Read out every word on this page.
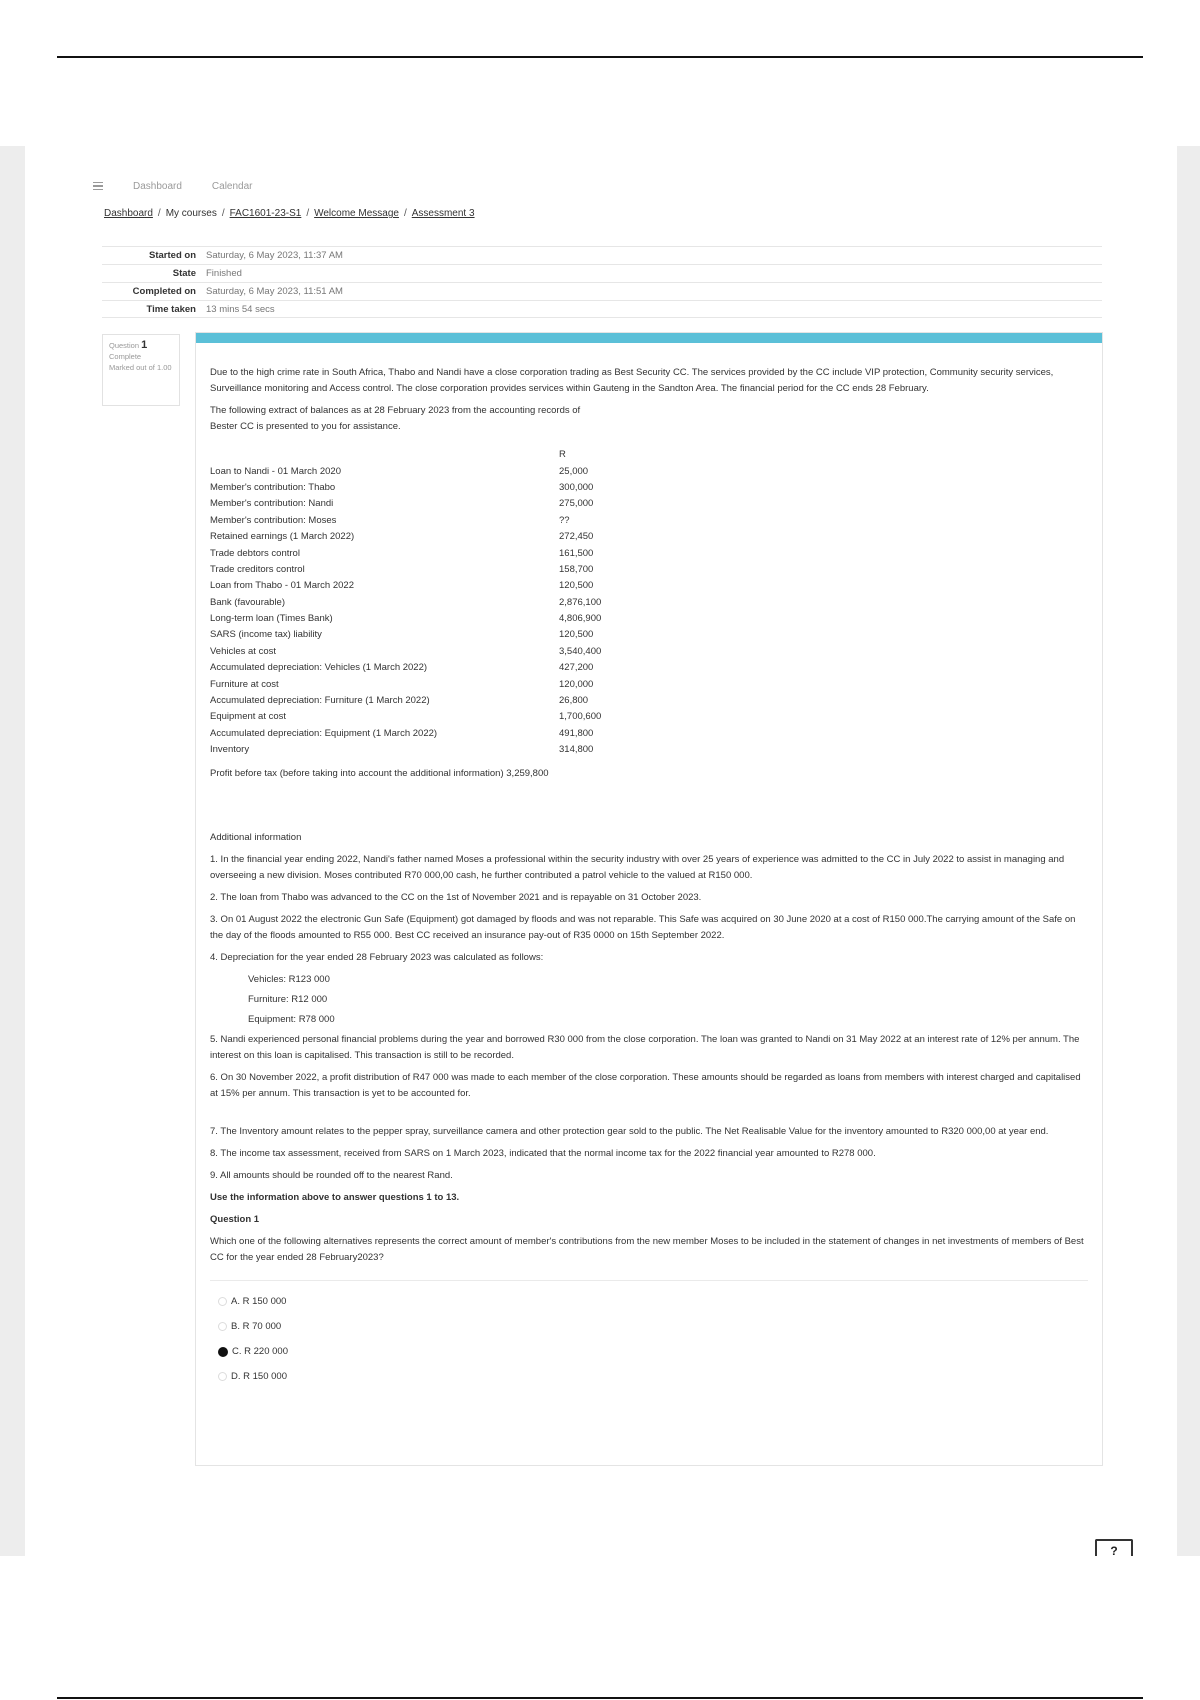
Dashboard	Calendar
Dashboard / My courses / FAC1601-23-S1 / Welcome Message / Assessment 3
Started on	Saturday, 6 May 2023, 11:37 AM
State	Finished
Completed on	Saturday, 6 May 2023, 11:51 AM
Time taken	13 mins 54 secs
Question 1
Complete
Marked out of 1.00	Due to the high crime rate in South Africa, Thabo and Nandi have a close corporation trading as Best Security CC. The services provided by the CC include VIP protection, Community security services, Surveillance monitoring and Access control. The close corporation provides services within Gauteng in the Sandton Area. The financial period for the CC ends 28 February.

The following extract of balances as at 28 February 2023 from the accounting records of Bester CC is presented to you for assistance.

	R
Loan to Nandi - 01 March 2020	25,000
Member's contribution: Thabo	300,000
Member's contribution: Nandi	275,000
Member's contribution: Moses	??
Retained earnings (1 March 2022)	272,450
Trade debtors control	161,500
Trade creditors control	158,700
Loan from Thabo - 01 March 2022	120,500
Bank (favourable)	2,876,100
Long-term loan (Times Bank)	4,806,900
SARS (income tax) liability	120,500
Vehicles at cost	3,540,400
Accumulated depreciation: Vehicles (1 March 2022)	427,200
Furniture at cost	120,000
Accumulated depreciation: Furniture (1 March 2022)	26,800
Equipment at cost	1,700,600
Accumulated depreciation: Equipment (1 March 2022)	491,800
Inventory	314,800

Profit before tax (before taking into account the additional information) 3,259,800

Additional information

1. In the financial year ending 2022, Nandi's father named Moses a professional within the security industry with over 25 years of experience was admitted to the CC in July 2022 to assist in managing and overseeing a new division. Moses contributed R70 000,00 cash, he further contributed a patrol vehicle to the valued at R150 000.

2. The loan from Thabo was advanced to the CC on the 1st of November 2021 and is repayable on 31 October 2023.

3. On 01 August 2022 the electronic Gun Safe (Equipment) got damaged by floods and was not reparable. This Safe was acquired on 30 June 2020 at a cost of R150 000.The carrying amount of the Safe on the day of the floods amounted to R55 000. Best CC received an insurance pay-out of R35 0000 on 15th September 2022.

4. Depreciation for the year ended 28 February 2023 was calculated as follows:

Vehicles: R123 000

Furniture: R12 000

Equipment: R78 000

5. Nandi experienced personal financial problems during the year and borrowed R30 000 from the close corporation. The loan was granted to Nandi on 31 May 2022 at an interest rate of 12% per annum. The interest on this loan is capitalised. This transaction is still to be recorded.

6. On 30 November 2022, a profit distribution of R47 000 was made to each member of the close corporation. These amounts should be regarded as loans from members with interest charged and capitalised at 15% per annum. This transaction is yet to be accounted for.

7. The Inventory amount relates to the pepper spray, surveillance camera and other protection gear sold to the public. The Net Realisable Value for the inventory amounted to R320 000,00 at year end.

8. The income tax assessment, received from SARS on 1 March 2023, indicated that the normal income tax for the 2022 financial year amounted to R278 000.

9. All amounts should be rounded off to the nearest Rand.

Use the information above to answer questions 1 to 13.

Question 1

Which one of the following alternatives represents the correct amount of member's contributions from the new member Moses to be included in the statement of changes in net investments of members of Best CC for the year ended 28 February2023?

A. R 150 000
B. R 70 000
C. R 220 000
D. R 150 000
?
